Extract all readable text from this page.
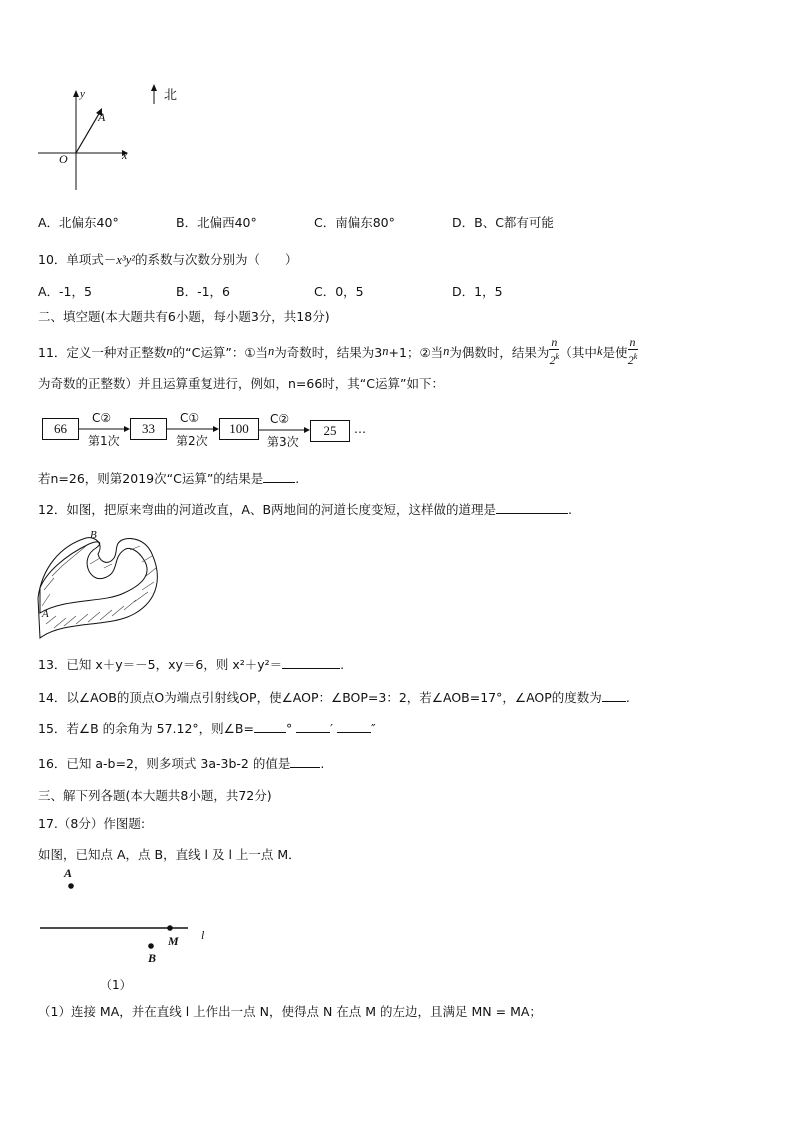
北
y
x
A
O
A．北偏东40°	B．北偏西40°	C．南偏东80°	D．B、C都有可能
10．单项式－x³y²的系数与次数分别为（　　）
A．-1，5	B．-1，6	C．0，5	D．1，5
二、填空题(本大题共有6小题，每小题3分，共18分)
11．定义一种对正整数 n 的“C运算”：①当 n 为奇数时，结果为3 n +1；②当 n 为偶数时，结果为 $\frac{n}{2^k}$ （其中 k 是使 $\frac{n}{2^k}$
为奇数的正整数）并且运算重复进行，例如，n=66时，其“C运算”如下：
66	33	100	25
C②	C①	C②
第1次	第2次	第3次
…
若n=26，则第2019次“C运算”的结果是	.
12．如图，把原来弯曲的河道改直，A、B两地间的河道长度变短，这样做的道理是	.
B
A
13．已知 x＋y＝－5，xy＝6，则 x²＋y²＝	.
14．以∠AOB的顶点O为端点引射线OP，使∠AOP：∠BOP=3：2，若∠AOB=17°，∠AOP的度数为 .
15．若∠B 的余角为 57.12°，则∠B=	°	′	″
16．已知 a-b=2，则多项式 3a-3b-2 的值是 .
三、解下列各题(本大题共8小题，共72分)
17.（8分）作图题:
如图，已知点 A，点 B，直线 l 及 l 上一点 M．
A
M
B
l
（1）
（1）连接 MA，并在直线 l 上作出一点 N，使得点 N 在点 M 的左边，且满足 MN = MA；
